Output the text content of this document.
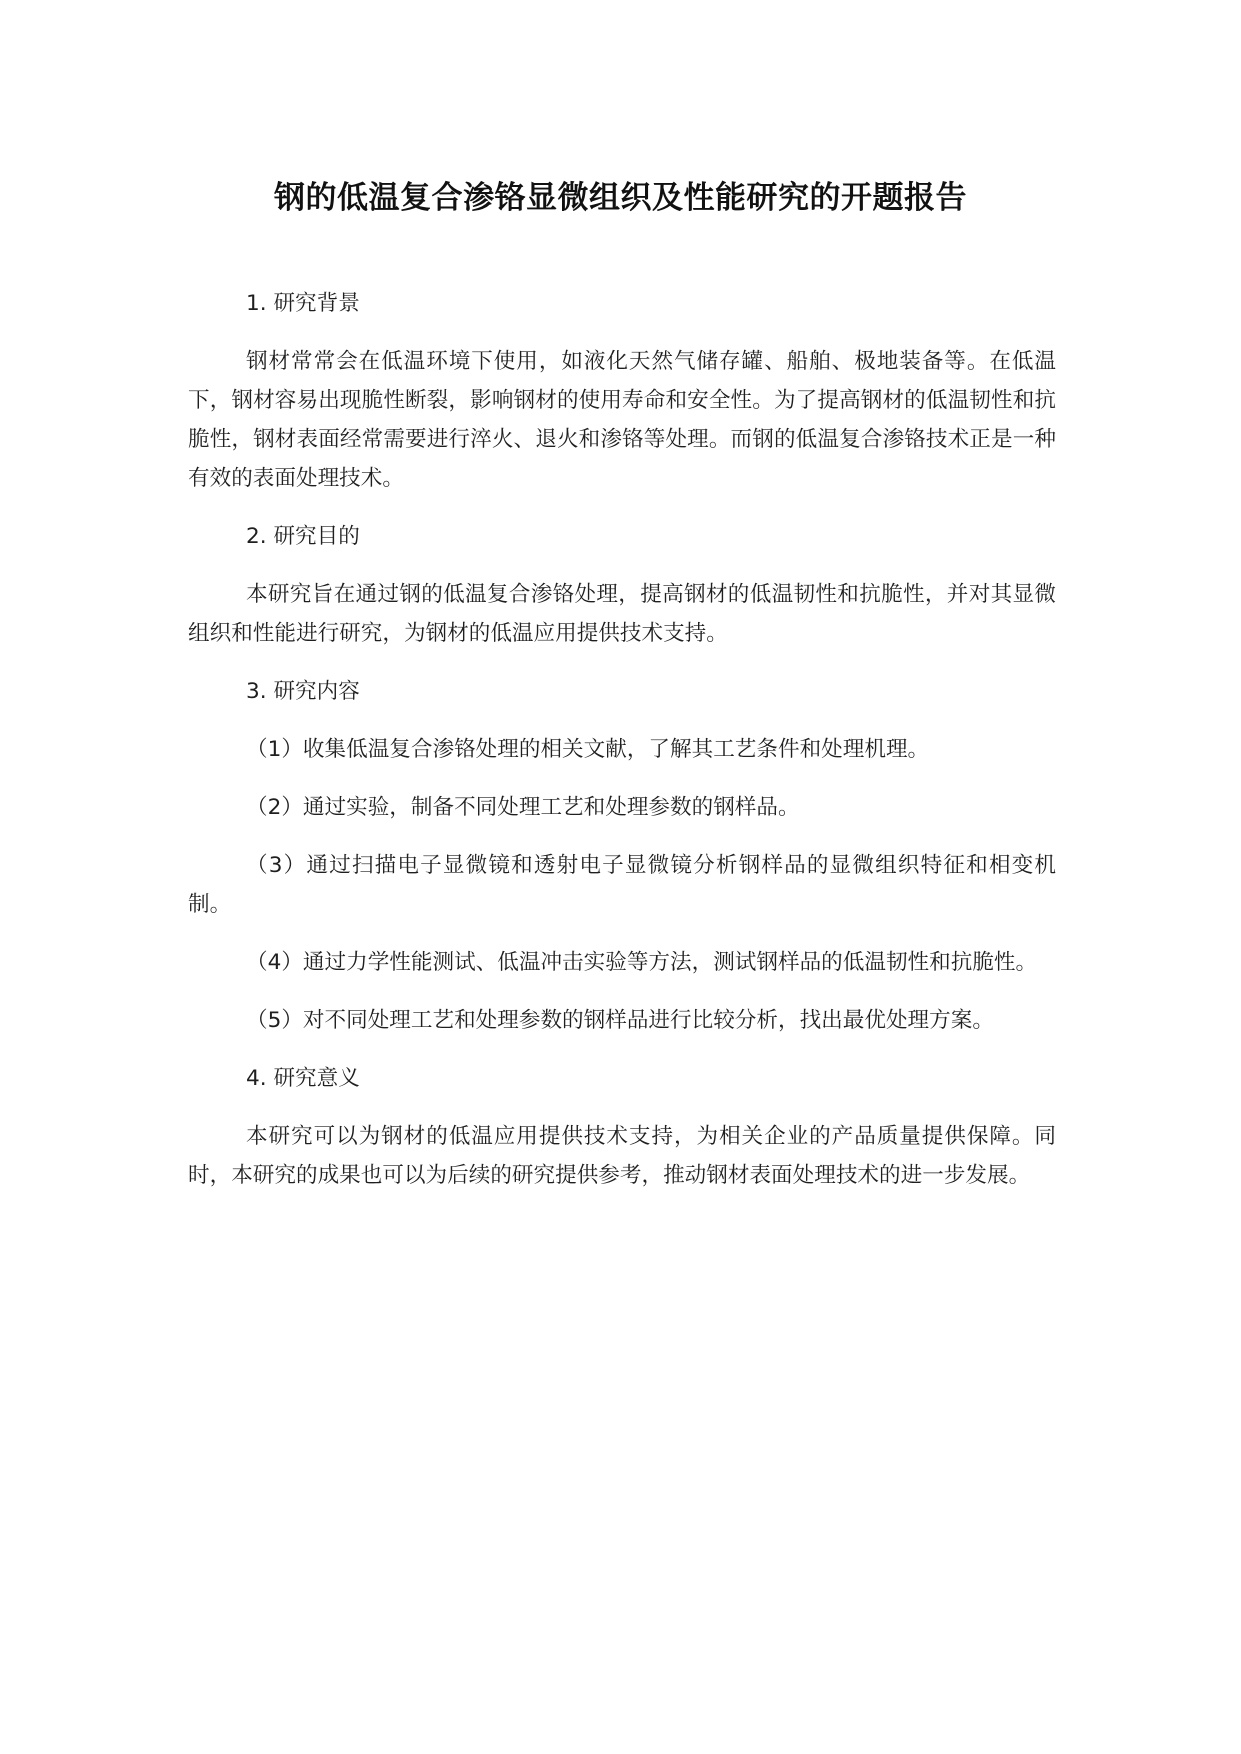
钢的低温复合渗铬显微组织及性能研究的开题报告

1. 研究背景

钢材常常会在低温环境下使用，如液化天然气储存罐、船舶、极地装备等。在低温下，钢材容易出现脆性断裂，影响钢材的使用寿命和安全性。为了提高钢材的低温韧性和抗脆性，钢材表面经常需要进行淬火、退火和渗铬等处理。而钢的低温复合渗铬技术正是一种有效的表面处理技术。

2. 研究目的

本研究旨在通过钢的低温复合渗铬处理，提高钢材的低温韧性和抗脆性，并对其显微组织和性能进行研究，为钢材的低温应用提供技术支持。

3. 研究内容

（1）收集低温复合渗铬处理的相关文献，了解其工艺条件和处理机理。

（2）通过实验，制备不同处理工艺和处理参数的钢样品。

（3）通过扫描电子显微镜和透射电子显微镜分析钢样品的显微组织特征和相变机制。

（4）通过力学性能测试、低温冲击实验等方法，测试钢样品的低温韧性和抗脆性。

（5）对不同处理工艺和处理参数的钢样品进行比较分析，找出最优处理方案。

4. 研究意义

本研究可以为钢材的低温应用提供技术支持，为相关企业的产品质量提供保障。同时，本研究的成果也可以为后续的研究提供参考，推动钢材表面处理技术的进一步发展。
